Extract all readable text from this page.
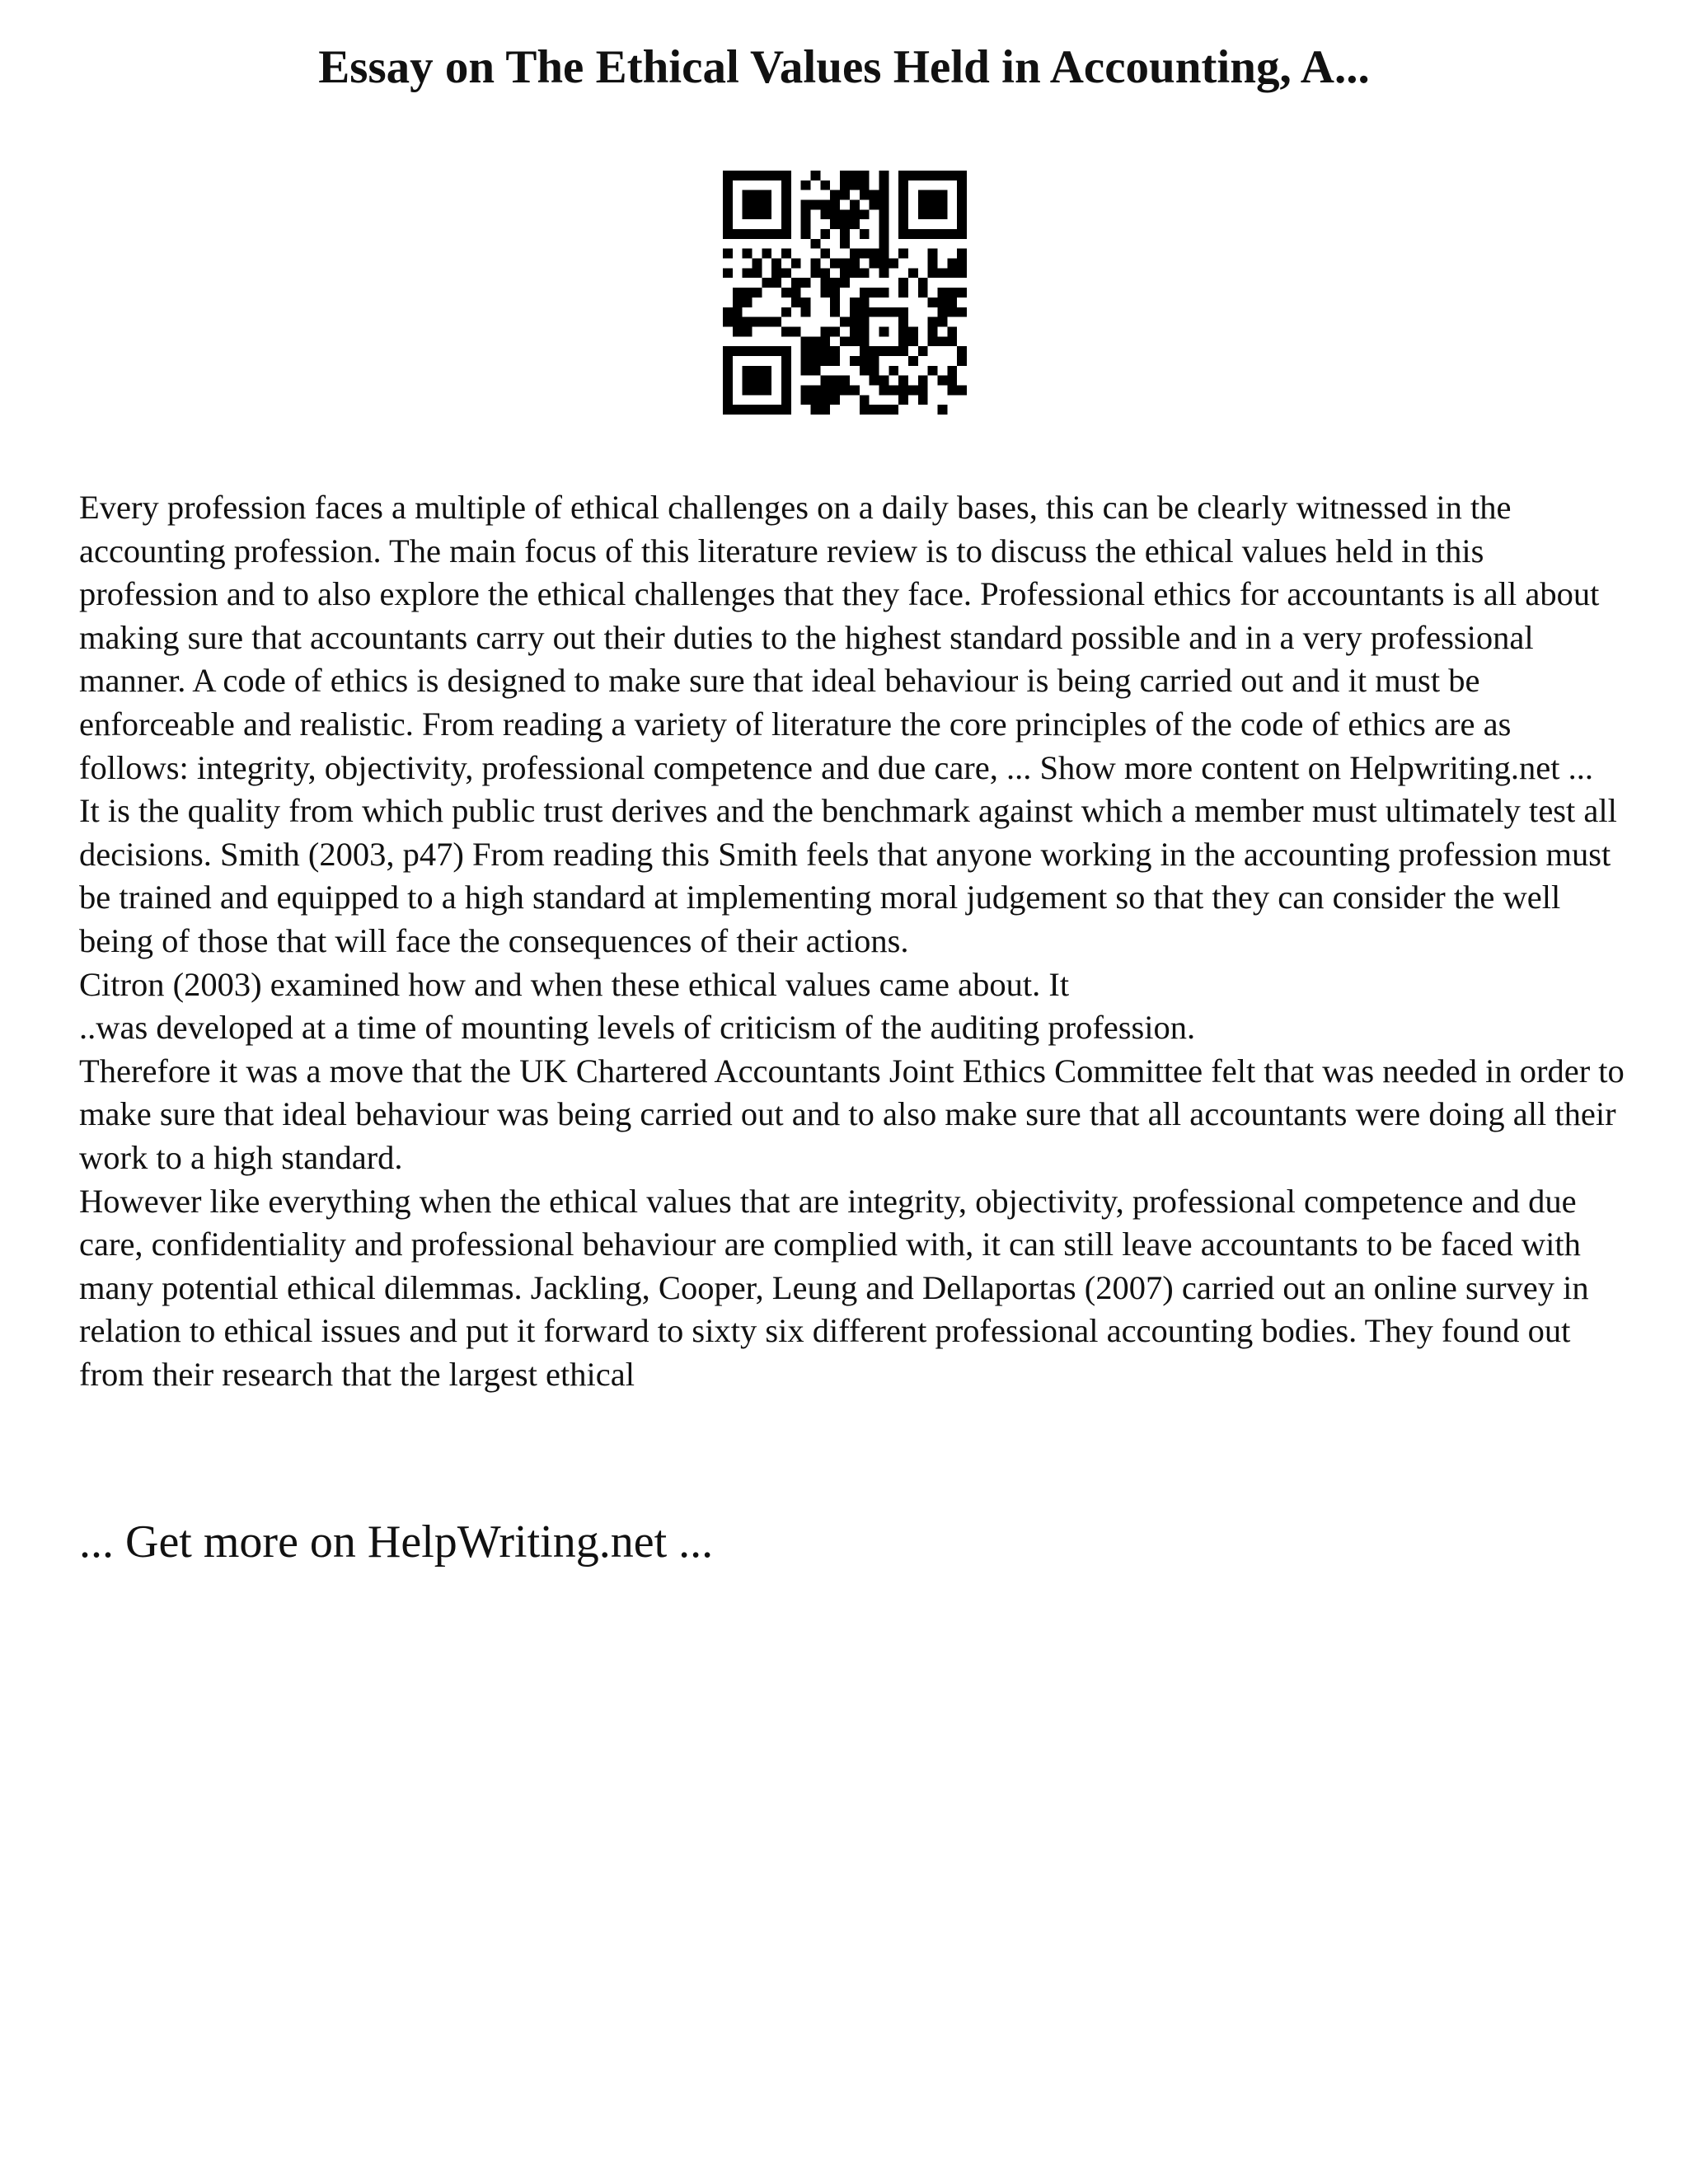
Essay on The Ethical Values Held in Accounting, A...

Every profession faces a multiple of ethical challenges on a daily bases, this can be clearly witnessed in the accounting profession. The main focus of this literature review is to discuss the ethical values held in this profession and to also explore the ethical challenges that they face. Professional ethics for accountants is all about making sure that accountants carry out their duties to the highest standard possible and in a very professional manner. A code of ethics is designed to make sure that ideal behaviour is being carried out and it must be enforceable and realistic. From reading a variety of literature the core principles of the code of ethics are as follows: integrity, objectivity, professional competence and due care, ... Show more content on Helpwriting.net ...

It is the quality from which public trust derives and the benchmark against which a member must ultimately test all decisions. Smith (2003, p47) From reading this Smith feels that anyone working in the accounting profession must be trained and equipped to a high standard at implementing moral judgement so that they can consider the well being of those that will face the consequences of their actions.

Citron (2003) examined how and when these ethical values came about. It

..was developed at a time of mounting levels of criticism of the auditing profession.

Therefore it was a move that the UK Chartered Accountants Joint Ethics Committee felt that was needed in order to make sure that ideal behaviour was being carried out and to also make sure that all accountants were doing all their work to a high standard.

However like everything when the ethical values that are integrity, objectivity, professional competence and due care, confidentiality and professional behaviour are complied with, it can still leave accountants to be faced with many potential ethical dilemmas. Jackling, Cooper, Leung and Dellaportas (2007) carried out an online survey in relation to ethical issues and put it forward to sixty six different professional accounting bodies. They found out from their research that the largest ethical

... Get more on HelpWriting.net ...
